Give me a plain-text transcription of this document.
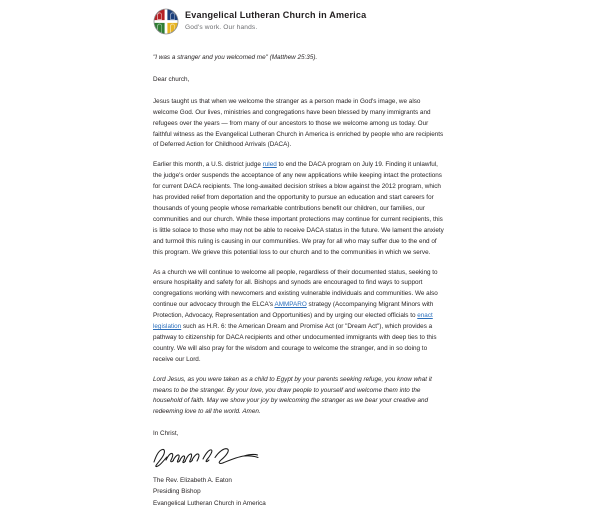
Evangelical Lutheran Church in America
God's work. Our hands.

"I was a stranger and you welcomed me" (Matthew 25:35).

Dear church,

Jesus taught us that when we welcome the stranger as a person made in God's image, we also welcome God. Our lives, ministries and congregations have been blessed by many immigrants and refugees over the years — from many of our ancestors to those we welcome among us today. Our faithful witness as the Evangelical Lutheran Church in America is enriched by people who are recipients of Deferred Action for Childhood Arrivals (DACA).

Earlier this month, a U.S. district judge ruled to end the DACA program on July 19. Finding it unlawful, the judge's order suspends the acceptance of any new applications while keeping intact the protections for current DACA recipients. The long-awaited decision strikes a blow against the 2012 program, which has provided relief from deportation and the opportunity to pursue an education and start careers for thousands of young people whose remarkable contributions benefit our children, our families, our communities and our church. While these important protections may continue for current recipients, this is little solace to those who may not be able to receive DACA status in the future. We lament the anxiety and turmoil this ruling is causing in our communities. We pray for all who may suffer due to the end of this program. We grieve this potential loss to our church and to the communities in which we serve.

As a church we will continue to welcome all people, regardless of their documented status, seeking to ensure hospitality and safety for all. Bishops and synods are encouraged to find ways to support congregations working with newcomers and existing vulnerable individuals and communities. We also continue our advocacy through the ELCA's AMMPARO strategy (Accompanying Migrant Minors with Protection, Advocacy, Representation and Opportunities) and by urging our elected officials to enact legislation such as H.R. 6: the American Dream and Promise Act (or "Dream Act"), which provides a pathway to citizenship for DACA recipients and other undocumented immigrants with deep ties to this country. We will also pray for the wisdom and courage to welcome the stranger, and in so doing to receive our Lord.

Lord Jesus, as you were taken as a child to Egypt by your parents seeking refuge, you know what it means to be the stranger. By your love, you draw people to yourself and welcome them into the household of faith. May we show your joy by welcoming the stranger as we bear your creative and redeeming love to all the world. Amen.

In Christ,

The Rev. Elizabeth A. Eaton
Presiding Bishop
Evangelical Lutheran Church in America
